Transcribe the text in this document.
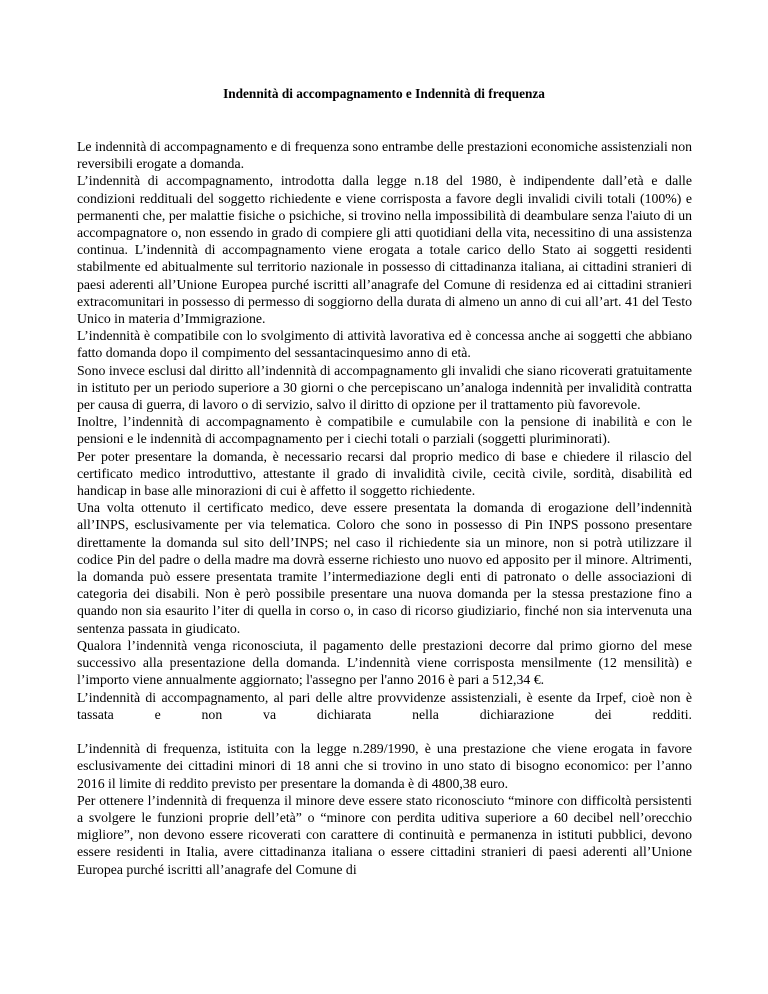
Indennità di accompagnamento e Indennità di frequenza

Le indennità di accompagnamento e di frequenza sono entrambe delle prestazioni economiche assistenziali non reversibili erogate a domanda.

L’indennità di accompagnamento, introdotta dalla legge n.18 del 1980, è indipendente dall’età e dalle condizioni reddituali del soggetto richiedente e viene corrisposta a favore degli invalidi civili totali (100%) e permanenti che, per malattie fisiche o psichiche, si trovino nella impossibilità di deambulare senza l'aiuto di un accompagnatore o, non essendo in grado di compiere gli atti quotidiani della vita, necessitino di una assistenza continua. L’indennità di accompagnamento viene erogata a totale carico dello Stato ai soggetti residenti stabilmente ed abitualmente sul territorio nazionale in possesso di cittadinanza italiana, ai cittadini stranieri di paesi aderenti all’Unione Europea purché iscritti all’anagrafe del Comune di residenza ed ai cittadini stranieri extracomunitari in possesso di permesso di soggiorno della durata di almeno un anno di cui all’art. 41 del Testo Unico in materia d’Immigrazione.

L’indennità è compatibile con lo svolgimento di attività lavorativa ed è concessa anche ai soggetti che abbiano fatto domanda dopo il compimento del sessantacinquesimo anno di età.

Sono invece esclusi dal diritto all’indennità di accompagnamento gli invalidi che siano ricoverati gratuitamente in istituto per un periodo superiore a 30 giorni o che percepiscano un’analoga indennità per invalidità contratta per causa di guerra, di lavoro o di servizio, salvo il diritto di opzione per il trattamento più favorevole.

Inoltre, l’indennità di accompagnamento è compatibile e cumulabile con la pensione di inabilità e con le pensioni e le indennità di accompagnamento per i ciechi totali o parziali (soggetti pluriminorati).

Per poter presentare la domanda, è necessario recarsi dal proprio medico di base e chiedere il rilascio del certificato medico introduttivo, attestante il grado di invalidità civile, cecità civile, sordità, disabilità ed handicap in base alle minorazioni di cui è affetto il soggetto richiedente.

Una volta ottenuto il certificato medico, deve essere presentata la domanda di erogazione dell’indennità all’INPS, esclusivamente per via telematica. Coloro che sono in possesso di Pin INPS possono presentare direttamente la domanda sul sito dell’INPS; nel caso il richiedente sia un minore, non si potrà utilizzare il codice Pin del padre o della madre ma dovrà esserne richiesto uno nuovo ed apposito per il minore. Altrimenti, la domanda può essere presentata tramite l’intermediazione degli enti di patronato o delle associazioni di categoria dei disabili. Non è però possibile presentare una nuova domanda per la stessa prestazione fino a quando non sia esaurito l’iter di quella in corso o, in caso di ricorso giudiziario, finché non sia intervenuta una sentenza passata in giudicato.

Qualora l’indennità venga riconosciuta, il pagamento delle prestazioni decorre dal primo giorno del mese successivo alla presentazione della domanda. L’indennità viene corrisposta mensilmente (12 mensilità) e l’importo viene annualmente aggiornato; l'assegno per l'anno 2016 è pari a 512,34 €.

L’indennità di accompagnamento, al pari delle altre provvidenze assistenziali, è esente da Irpef, cioè non è tassata e non va dichiarata nella dichiarazione dei redditi.

L’indennità di frequenza, istituita con la legge n.289/1990, è una prestazione che viene erogata in favore esclusivamente dei cittadini minori di 18 anni che si trovino in uno stato di bisogno economico: per l’anno 2016 il limite di reddito previsto per presentare la domanda è di 4800,38 euro.

Per ottenere l’indennità di frequenza il minore deve essere stato riconosciuto “minore con difficoltà persistenti a svolgere le funzioni proprie dell’età” o “minore con perdita uditiva superiore a 60 decibel nell’orecchio migliore”, non devono essere ricoverati con carattere di continuità e permanenza in istituti pubblici, devono essere residenti in Italia, avere cittadinanza italiana o essere cittadini stranieri di paesi aderenti all’Unione Europea purché iscritti all’anagrafe del Comune di
